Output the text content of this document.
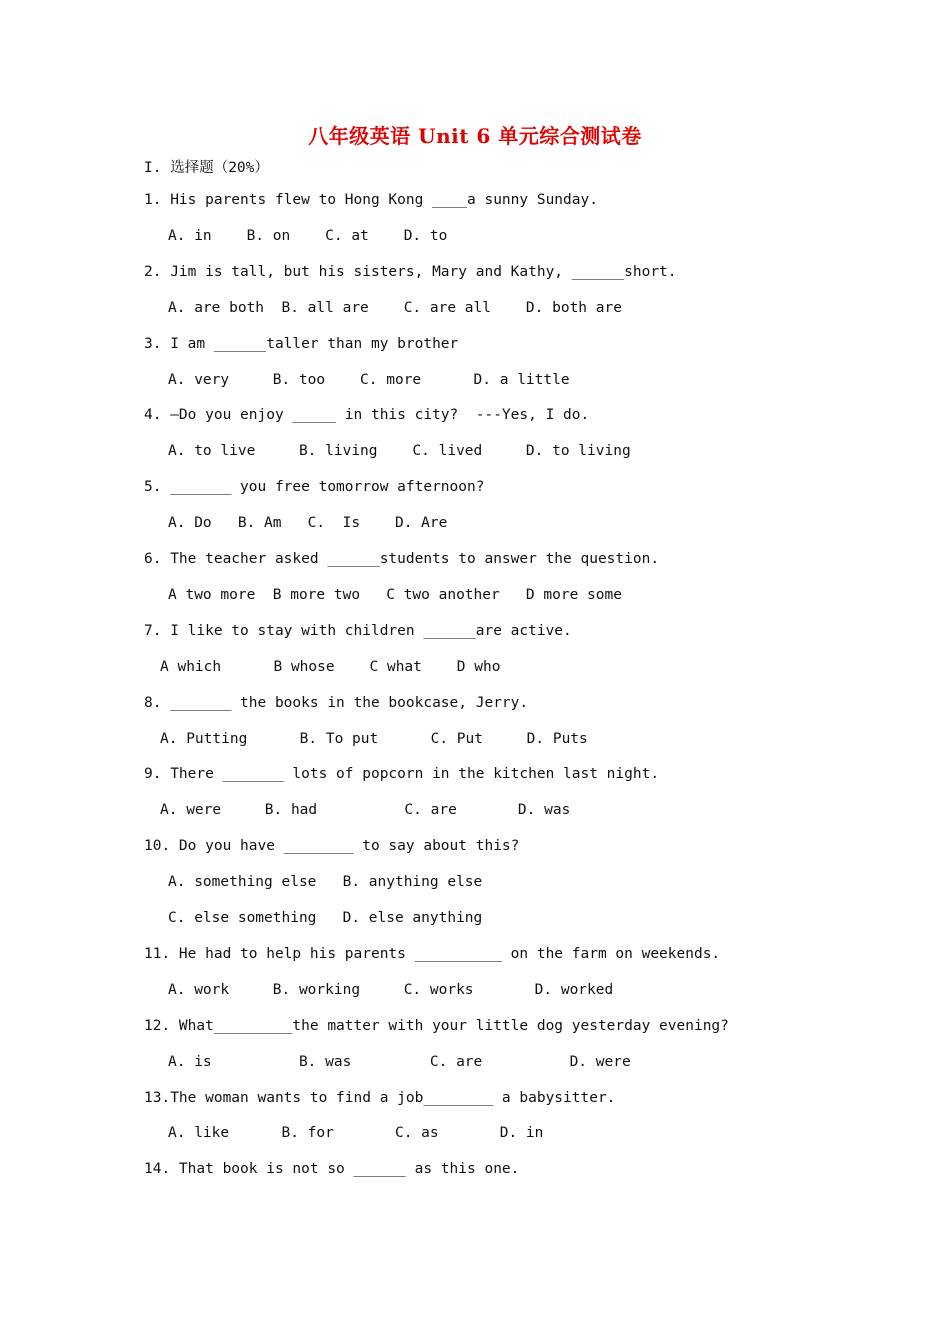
八年级英语 Unit 6 单元综合测试卷
I. 选择题（20%）
1. His parents flew to Hong Kong ____a sunny Sunday.
A. in    B. on    C. at    D. to
2. Jim is tall, but his sisters, Mary and Kathy, ______short.
A. are both  B. all are    C. are all    D. both are
3. I am ______taller than my brother
A. very     B. too    C. more      D. a little
4. –Do you enjoy _____ in this city?  ---Yes, I do.
A. to live     B. living    C. lived     D. to living
5. _______ you free tomorrow afternoon?
A. Do   B. Am   C.  Is    D. Are
6. The teacher asked ______students to answer the question.
A two more  B more two   C two another   D more some
7. I like to stay with children ______are active.
A which      B whose    C what    D who
8. _______ the books in the bookcase, Jerry.
A. Putting      B. To put      C. Put     D. Puts
9. There _______ lots of popcorn in the kitchen last night.
A. were     B. had          C. are       D. was
10. Do you have ________ to say about this?
A. something else   B. anything else
C. else something   D. else anything
11. He had to help his parents __________ on the farm on weekends.
A. work     B. working     C. works       D. worked
12. What_________the matter with your little dog yesterday evening?
A. is          B. was         C. are          D. were
13.The woman wants to find a job________ a babysitter.
A. like      B. for       C. as       D. in
14. That book is not so ______ as this one.
